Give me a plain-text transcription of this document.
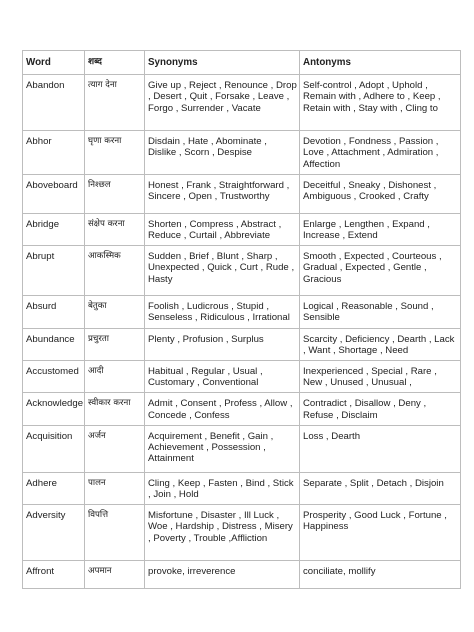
Word	शब्द	Synonyms	Antonyms
Abandon	त्याग देना	Give up , Reject , Renounce , Drop , Desert , Quit , Forsake , Leave , Forgo , Surrender , Vacate	Self-control , Adopt , Uphold , Remain with , Adhere to , Keep , Retain with , Stay with , Cling to
Abhor	घृणा करना	Disdain , Hate , Abominate , Dislike , Scorn , Despise	Devotion , Fondness , Passion , Love , Attachment , Admiration , Affection
Aboveboard	निश्छल	Honest , Frank , Straightforward , Sincere , Open , Trustworthy	Deceitful , Sneaky , Dishonest , Ambiguous , Crooked , Crafty
Abridge	संक्षेप करना	Shorten , Compress , Abstract , Reduce , Curtail , Abbreviate	Enlarge , Lengthen , Expand , Increase , Extend
Abrupt	आकस्मिक	Sudden , Brief , Blunt , Sharp , Unexpected , Quick , Curt , Rude , Hasty	Smooth , Expected , Courteous , Gradual , Expected , Gentle , Gracious
Absurd	बेतुका	Foolish , Ludicrous , Stupid , Senseless , Ridiculous , Irrational	Logical , Reasonable , Sound , Sensible
Abundance	प्रचुरता	Plenty , Profusion , Surplus	Scarcity , Deficiency , Dearth , Lack , Want , Shortage , Need
Accustomed	आदी	Habitual , Regular , Usual , Customary , Conventional	Inexperienced , Special , Rare , New , Unused , Unusual ,
Acknowledge	स्वीकार करना	Admit , Consent , Profess , Allow , Concede , Confess	Contradict , Disallow , Deny , Refuse , Disclaim
Acquisition	अर्जन	Acquirement , Benefit , Gain , Achievement , Possession , Attainment	Loss , Dearth
Adhere	पालन	Cling , Keep , Fasten , Bind , Stick , Join , Hold	Separate , Split , Detach , Disjoin
Adversity	विपत्ति	Misfortune , Disaster , Ill Luck , Woe , Hardship , Distress , Misery , Poverty , Trouble ,Affliction	Prosperity , Good Luck , Fortune , Happiness
Affront	अपमान	provoke, irreverence	conciliate, mollify
